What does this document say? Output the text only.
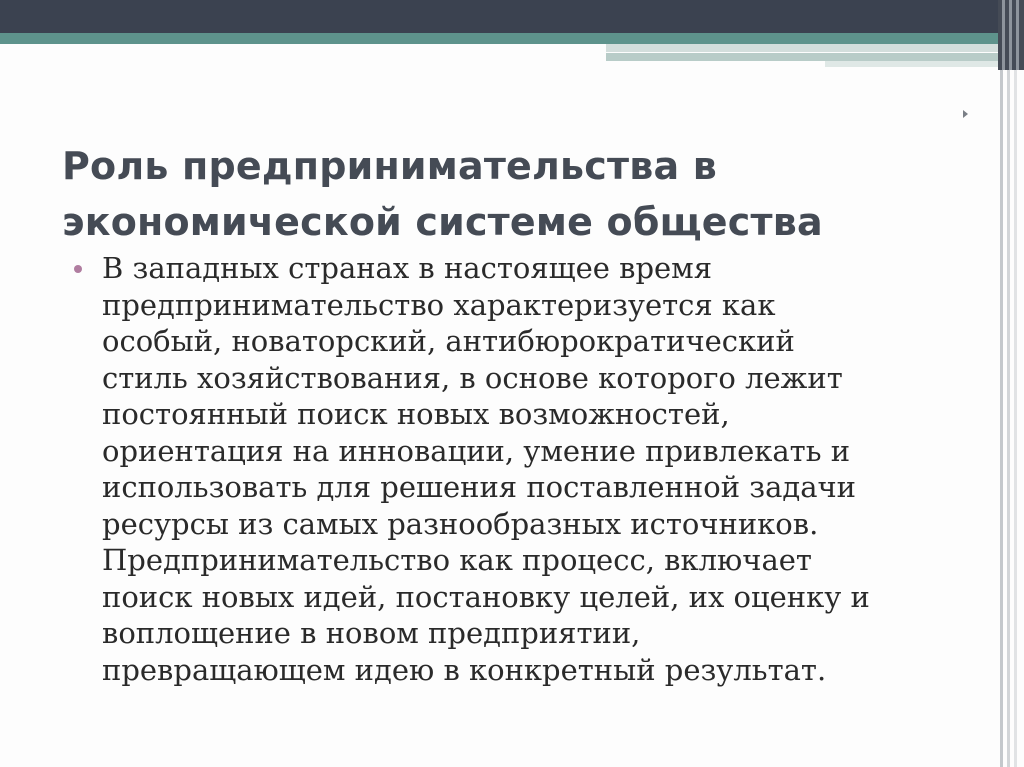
Роль предпринимательства в
экономической системе общества
В западных странах в настоящее время
предпринимательство характеризуется как
особый, новаторский, антибюрократический
стиль хозяйствования, в основе которого лежит
постоянный поиск новых возможностей,
ориентация на инновации, умение привлекать и
использовать для решения поставленной задачи
ресурсы из самых разнообразных источников.
Предпринимательство как процесс, включает
поиск новых идей, постановку целей, их оценку и
воплощение в новом предприятии,
превращающем идею в конкретный результат.
